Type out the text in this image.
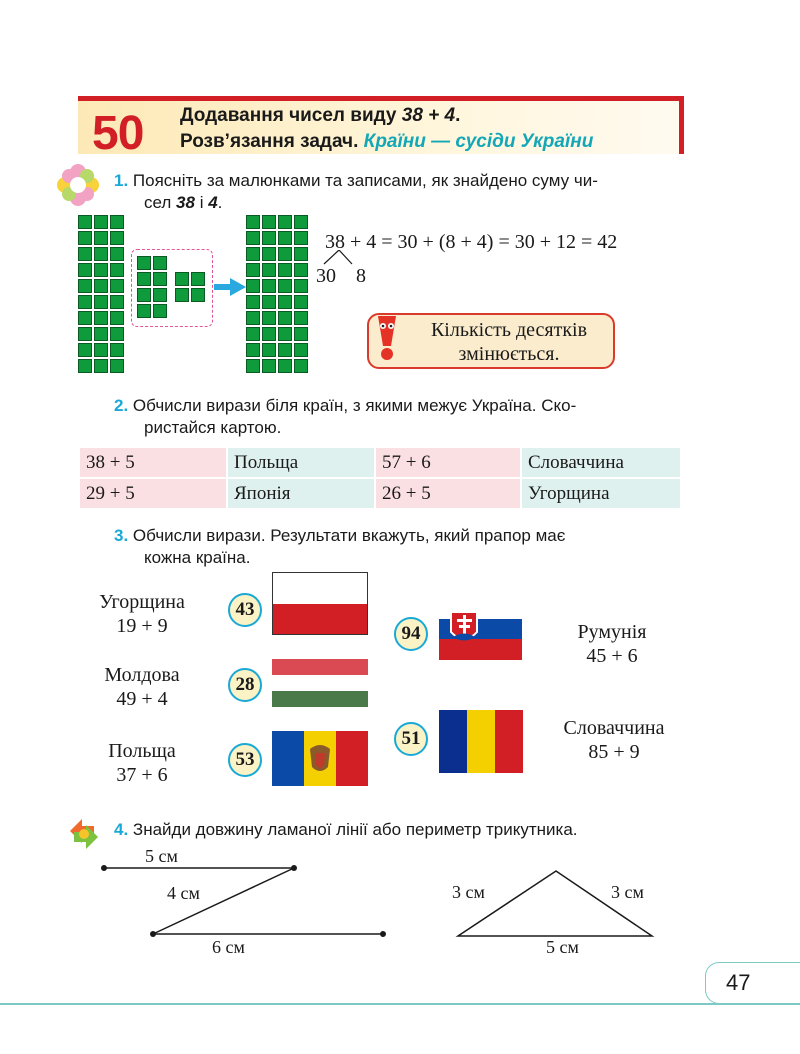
50 Додавання чисел виду 38 + 4.
Розв’язання задач. Країни — сусіди України
1. Поясніть за малюнками та записами, як знайдено суму чи-
сел 38 і 4.
38 + 4 = 30 + (8 + 4) = 30 + 12 = 42
30 8
Кількість десятків
змінюється.
2. Обчисли вирази біля країн, з якими межує Україна. Ско-
ристайся картою.
38 + 5	Польща	57 + 6	Словаччина
29 + 5	Японія	26 + 5	Угорщина
3. Обчисли вирази. Результати вкажуть, який прапор має
кожна країна.
Угорщина
19 + 9
Молдова
49 + 4
Польща
37 + 6
43
28
53
94
51
Румунія
45 + 6
Словаччина
85 + 9
4. Знайди довжину ламаної лінії або периметр трикутника.
5 см
4 см
6 см
3 см	3 см
5 см
47
